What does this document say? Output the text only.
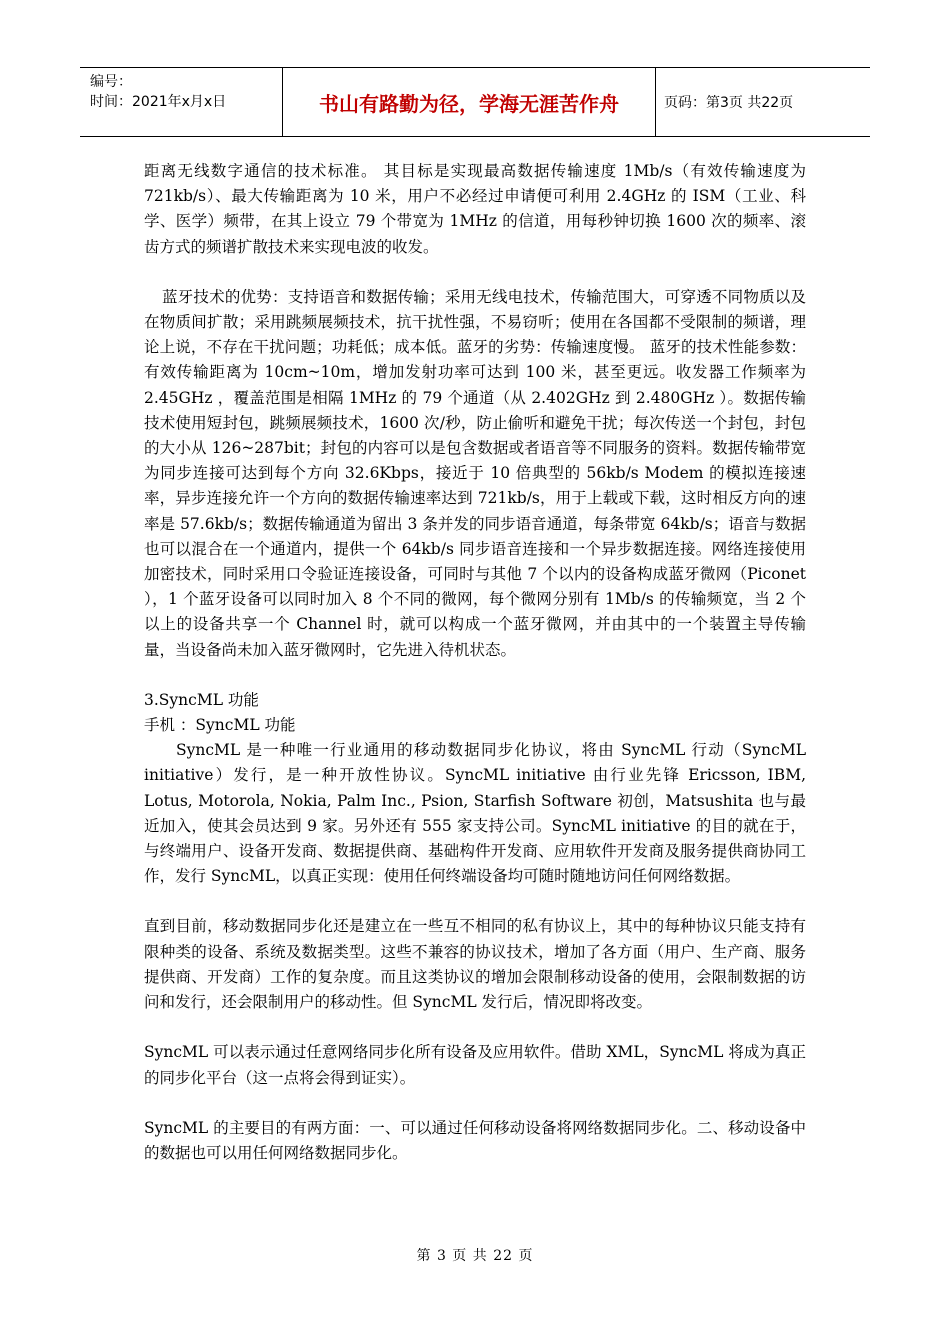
编号：
时间：2021年x月x日	书山有路勤为径，学海无涯苦作舟	页码：第3页 共22页

距离无线数字通信的技术标准。 其目标是实现最高数据传输速度 1Mb/s（有效传输速度为 721kb/s）、最大传输距离为 10 米，用户不必经过申请便可利用 2.4GHz 的 ISM（工业、科学、医学）频带，在其上设立 79 个带宽为 1MHz 的信道，用每秒钟切换 1600 次的频率、滚齿方式的频谱扩散技术来实现电波的收发。

蓝牙技术的优势：支持语音和数据传输；采用无线电技术，传输范围大，可穿透不同物质以及在物质间扩散；采用跳频展频技术，抗干扰性强，不易窃听；使用在各国都不受限制的频谱，理论上说，不存在干扰问题；功耗低；成本低。蓝牙的劣势：传输速度慢。 蓝牙的技术性能参数：有效传输距离为 10cm~10m，增加发射功率可达到 100 米，甚至更远。收发器工作频率为 2.45GHz ，覆盖范围是相隔 1MHz 的 79 个通道（从 2.402GHz 到 2.480GHz ）。数据传输技术使用短封包，跳频展频技术，1600 次/秒，防止偷听和避免干扰；每次传送一个封包，封包的大小从 126~287bit；封包的内容可以是包含数据或者语音等不同服务的资料。数据传输带宽为同步连接可达到每个方向 32.6Kbps，接近于 10 倍典型的 56kb/s Modem 的模拟连接速率，异步连接允许一个方向的数据传输速率达到 721kb/s，用于上载或下载，这时相反方向的速率是 57.6kb/s；数据传输通道为留出 3 条并发的同步语音通道，每条带宽 64kb/s；语音与数据也可以混合在一个通道内，提供一个 64kb/s 同步语音连接和一个异步数据连接。网络连接使用加密技术，同时采用口令验证连接设备，可同时与其他 7 个以内的设备构成蓝牙微网（Piconet ），1 个蓝牙设备可以同时加入 8 个不同的微网，每个微网分别有 1Mb/s 的传输频宽，当 2 个以上的设备共享一个 Channel 时，就可以构成一个蓝牙微网，并由其中的一个装置主导传输量，当设备尚未加入蓝牙微网时，它先进入待机状态。

3.SyncML 功能

手机 ：SyncML 功能

SyncML 是一种唯一行业通用的移动数据同步化协议，将由 SyncML 行动（SyncML initiative）发行，是一种开放性协议。SyncML initiative 由行业先锋 Ericsson, IBM, Lotus, Motorola, Nokia, Palm Inc., Psion, Starfish Software 初创，Matsushita 也与最近加入，使其会员达到 9 家。另外还有 555 家支持公司。SyncML initiative 的目的就在于，与终端用户、设备开发商、数据提供商、基础构件开发商、应用软件开发商及服务提供商协同工作，发行 SyncML，以真正实现：使用任何终端设备均可随时随地访问任何网络数据。

直到目前，移动数据同步化还是建立在一些互不相同的私有协议上，其中的每种协议只能支持有限种类的设备、系统及数据类型。这些不兼容的协议技术，增加了各方面（用户、生产商、服务提供商、开发商）工作的复杂度。而且这类协议的增加会限制移动设备的使用，会限制数据的访问和发行，还会限制用户的移动性。但 SyncML 发行后，情况即将改变。

SyncML 可以表示通过任意网络同步化所有设备及应用软件。借助 XML，SyncML 将成为真正的同步化平台（这一点将会得到证实）。

SyncML 的主要目的有两方面：一、可以通过任何移动设备将网络数据同步化。二、移动设备中的数据也可以用任何网络数据同步化。

第 3 页 共 22 页
